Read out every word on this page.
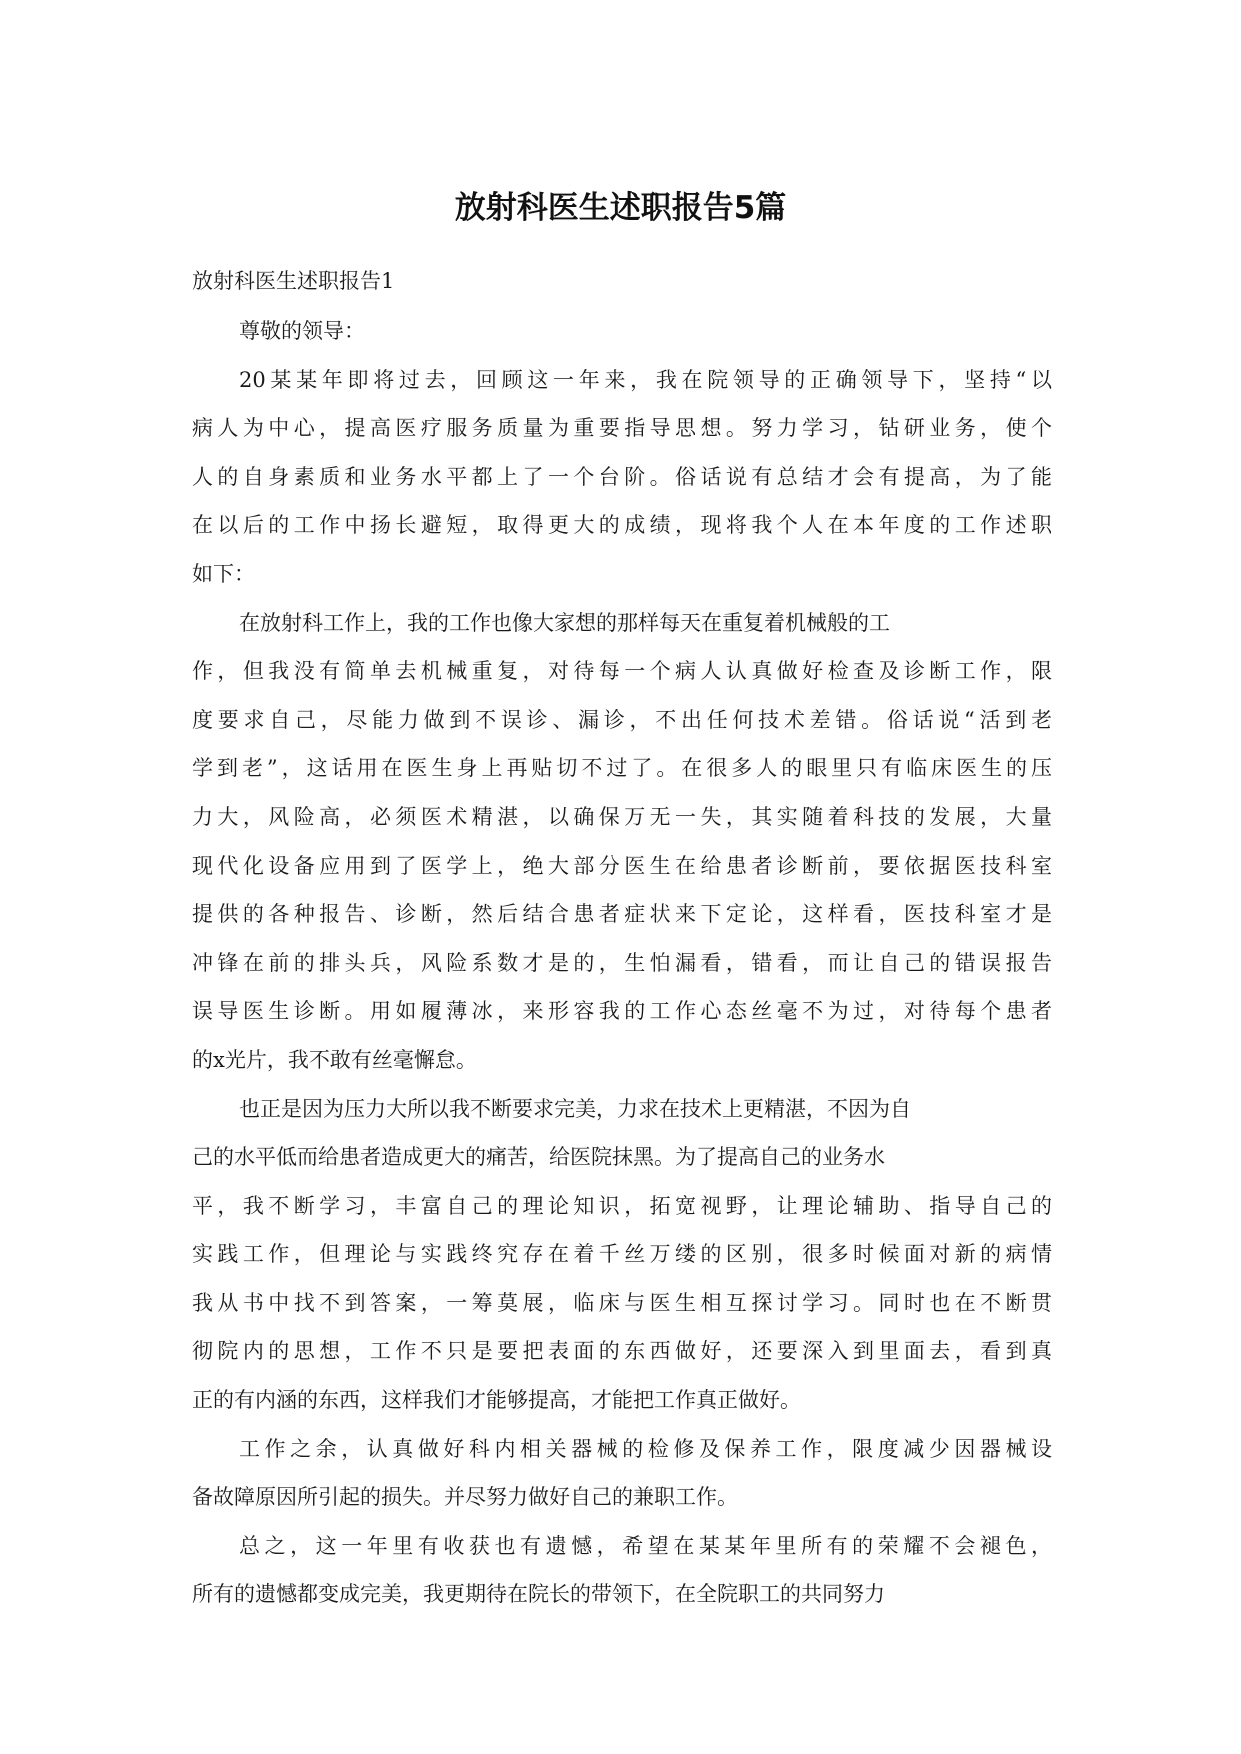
放射科医生述职报告5篇

放射科医生述职报告1

尊敬的领导：

20某某年即将过去，回顾这一年来，我在院领导的正确领导下，坚持“以
病人为中心，提高医疗服务质量为重要指导思想。努力学习，钻研业务，使个
人的自身素质和业务水平都上了一个台阶。俗话说有总结才会有提高，为了能
在以后的工作中扬长避短，取得更大的成绩，现将我个人在本年度的工作述职
如下：

在放射科工作上，我的工作也像大家想的那样每天在重复着机械般的工
作，但我没有简单去机械重复，对待每一个病人认真做好检查及诊断工作，限
度要求自己，尽能力做到不误诊、漏诊，不出任何技术差错。俗话说“活到老
学到老”，这话用在医生身上再贴切不过了。在很多人的眼里只有临床医生的压
力大，风险高，必须医术精湛，以确保万无一失，其实随着科技的发展，大量
现代化设备应用到了医学上，绝大部分医生在给患者诊断前，要依据医技科室
提供的各种报告、诊断，然后结合患者症状来下定论，这样看，医技科室才是
冲锋在前的排头兵，风险系数才是的，生怕漏看，错看，而让自己的错误报告
误导医生诊断。用如履薄冰，来形容我的工作心态丝毫不为过，对待每个患者
的x光片，我不敢有丝毫懈怠。

也正是因为压力大所以我不断要求完美，力求在技术上更精湛，不因为自
己的水平低而给患者造成更大的痛苦，给医院抹黑。为了提高自己的业务水
平，我不断学习，丰富自己的理论知识，拓宽视野，让理论辅助、指导自己的
实践工作，但理论与实践终究存在着千丝万缕的区别，很多时候面对新的病情
我从书中找不到答案，一筹莫展，临床与医生相互探讨学习。同时也在不断贯
彻院内的思想，工作不只是要把表面的东西做好，还要深入到里面去，看到真
正的有内涵的东西，这样我们才能够提高，才能把工作真正做好。

工作之余，认真做好科内相关器械的检修及保养工作，限度减少因器械设
备故障原因所引起的损失。并尽努力做好自己的兼职工作。

总之，这一年里有收获也有遗憾，希望在某某年里所有的荣耀不会褪色，
所有的遗憾都变成完美，我更期待在院长的带领下，在全院职工的共同努力
